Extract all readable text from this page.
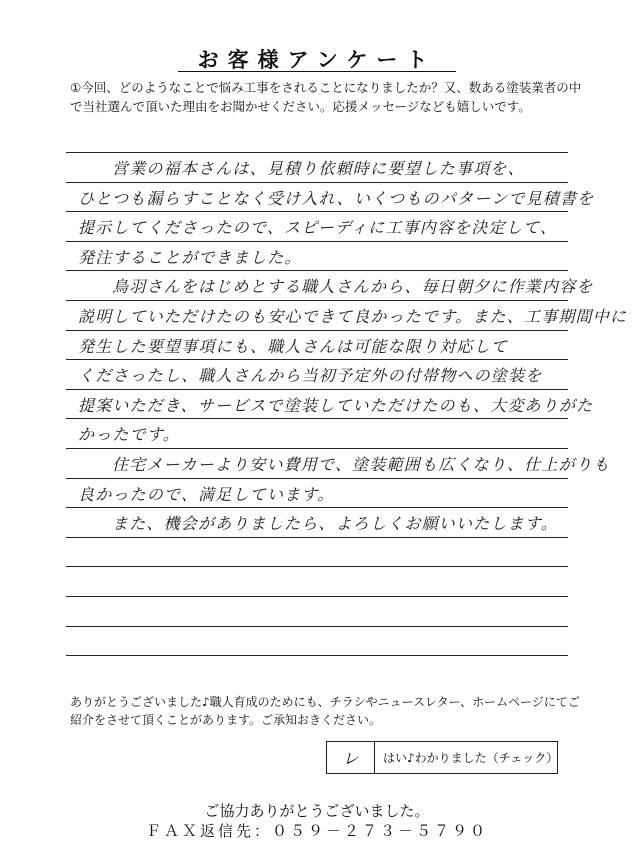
お客様アンケート
①今回、どのようなことで悩み工事をされることになりましたか？又、数ある塗装業者の中で当社選んで頂いた理由をお聞かせください。応援メッセージなども嬉しいです。
営業の福本さんは、見積り依頼時に要望した事項を、
ひとつも漏らすことなく受け入れ、いくつものパターンで見積書を
提示してくださったので、スピーディに工事内容を決定して、
発注することができました。
鳥羽さんをはじめとする職人さんから、毎日朝夕に作業内容を
説明していただけたのも安心できて良かったです。また、工事期間中に
発生した要望事項にも、職人さんは可能な限り対応して
くださったし、職人さんから当初予定外の付帯物への塗装を
提案いただき、サービスで塗装していただけたのも、大変ありがた
かったです。
住宅メーカーより安い費用で、塗装範囲も広くなり、仕上がりも
良かったので、満足しています。
また、機会がありましたら、よろしくお願いいたします。
ありがとうございました♪職人育成のためにも、チラシやニュースレター、ホームページにてご紹介をさせて頂くことがあります。ご承知おきください。
レ	はい♪わかりました（チェック）
ご協力ありがとうございました。
ＦＡＸ返信先：０５９－２７３－５７９０
